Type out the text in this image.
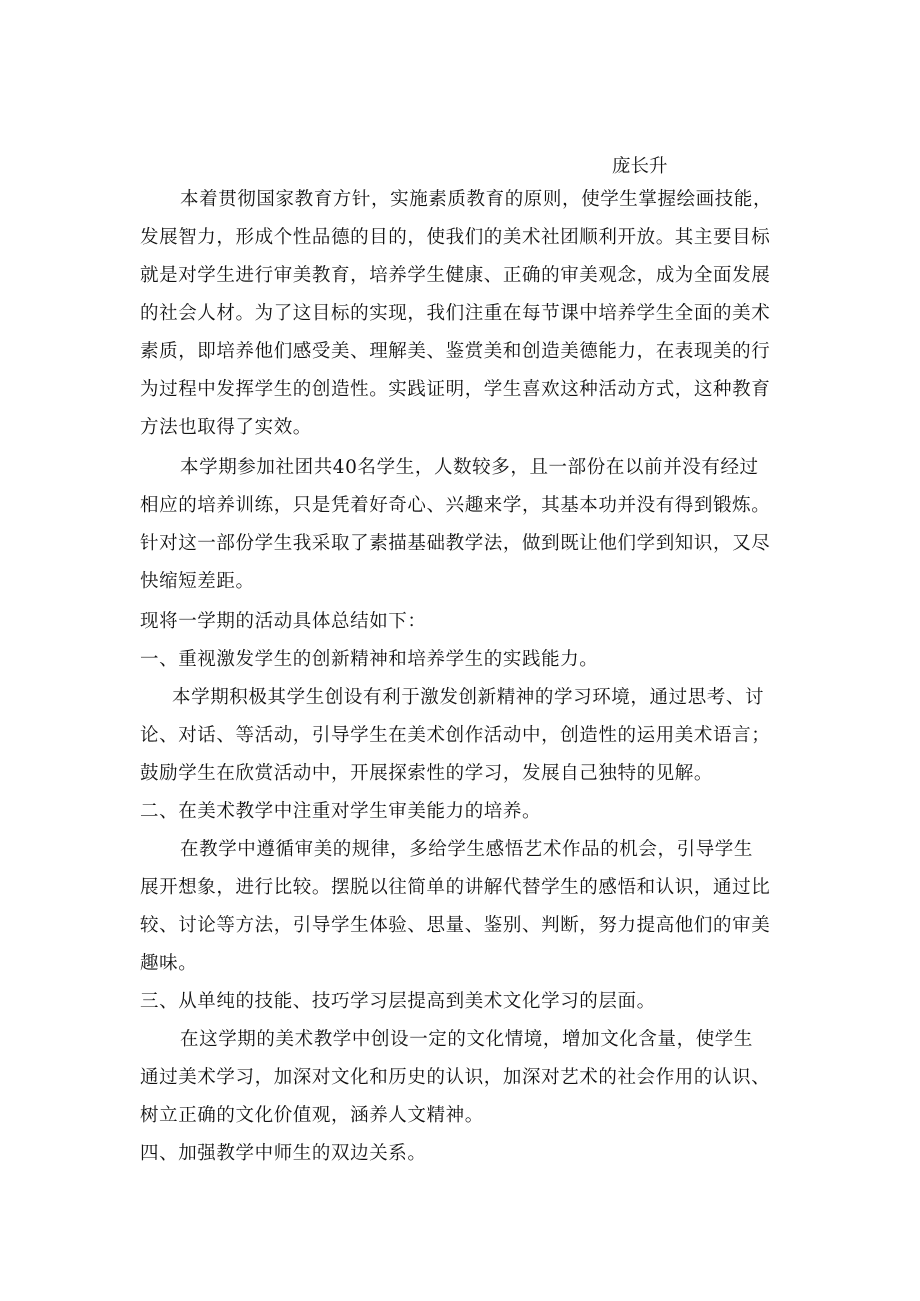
庞长升
本着贯彻国家教育方针，实施素质教育的原则，使学生掌握绘画技能，
发展智力，形成个性品德的目的，使我们的美术社团顺利开放。其主要目标
就是对学生进行审美教育，培养学生健康、正确的审美观念，成为全面发展
的社会人材。为了这目标的实现，我们注重在每节课中培养学生全面的美术
素质，即培养他们感受美、理解美、鉴赏美和创造美德能力，在表现美的行
为过程中发挥学生的创造性。实践证明，学生喜欢这种活动方式，这种教育
方法也取得了实效。
本学期参加社团共40名学生，人数较多，且一部份在以前并没有经过
相应的培养训练，只是凭着好奇心、兴趣来学，其基本功并没有得到锻炼。
针对这一部份学生我采取了素描基础教学法，做到既让他们学到知识，又尽
快缩短差距。
现将一学期的活动具体总结如下：
一、重视激发学生的创新精神和培养学生的实践能力。
本学期积极其学生创设有利于激发创新精神的学习环境，通过思考、讨
论、对话、等活动，引导学生在美术创作活动中，创造性的运用美术语言；
鼓励学生在欣赏活动中，开展探索性的学习，发展自己独特的见解。
二、在美术教学中注重对学生审美能力的培养。
在教学中遵循审美的规律，多给学生感悟艺术作品的机会，引导学生
展开想象，进行比较。摆脱以往简单的讲解代替学生的感悟和认识，通过比
较、讨论等方法，引导学生体验、思量、鉴别、判断，努力提高他们的审美
趣味。
三、从单纯的技能、技巧学习层提高到美术文化学习的层面。
在这学期的美术教学中创设一定的文化情境，增加文化含量，使学生
通过美术学习，加深对文化和历史的认识，加深对艺术的社会作用的认识、
树立正确的文化价值观，涵养人文精神。
四、加强教学中师生的双边关系。
